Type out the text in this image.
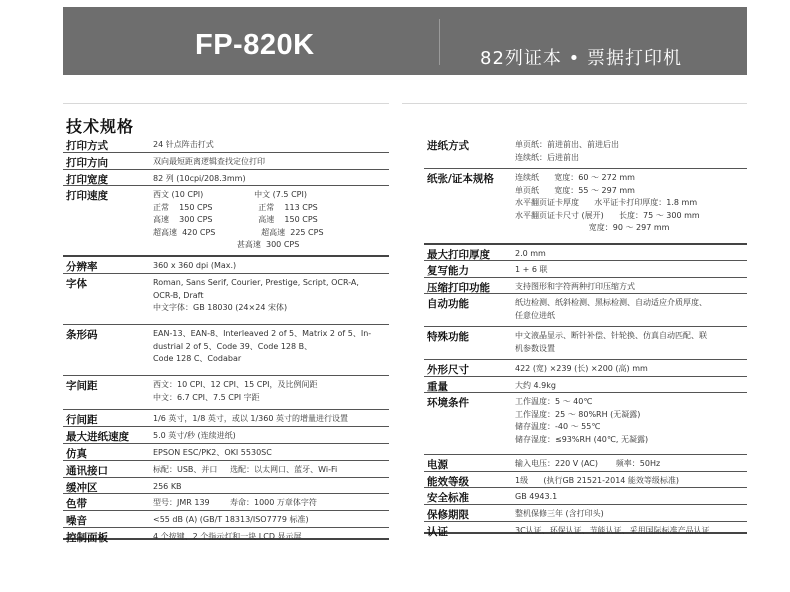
FP-820K	82列证本 • 票据打印机
技术规格
打印方式	24 针点阵击打式
打印方向	双向最短距离逻辑查找定位打印
打印宽度	82 列 (10cpi/208.3mm)
打印速度	西文 (10 CPI)                    中文 (7.5 CPI)
正常    150 CPS                  正常    113 CPS
高速    300 CPS                  高速    150 CPS
超高速  420 CPS                  超高速  225 CPS
甚高速  300 CPS
分辨率	360 x 360 dpi (Max.)
字体	Roman, Sans Serif, Courier, Prestige, Script, OCR-A,
OCR-B, Draft
中文字体：GB 18030 (24×24 宋体)
条形码	EAN-13、EAN-8、Interleaved 2 of 5、Matrix 2 of 5、In-
dustrial 2 of 5、Code 39、Code 128 B、
Code 128 C、Codabar
字间距	西文：10 CPI、12 CPI、15 CPI，及比例间距
中文：6.7 CPI、7.5 CPI 字距
行间距	1/6 英寸，1/8 英寸，或以 1/360 英寸的增量进行设置
最大进纸速度	5.0 英寸/秒 (连续进纸)
仿真	EPSON ESC/PK2、OKI 5530SC
通讯接口	标配：USB、并口     选配：以太网口、蓝牙、Wi-Fi
缓冲区	256 KB
色带	型号：JMR 139        寿命：1000 万章体字符
噪音	<55 dB (A) (GB/T 18313/ISO7779 标准)
控制面板	4 个按键、2 个指示灯和一块 LCD 显示屏
进纸方式	单页纸：前进前出、前进后出
连续纸：后进前出
纸张/证本规格	连续纸      宽度：60 ～ 272 mm
单页纸      宽度：55 ～ 297 mm
水平翻页证卡厚度      水平证卡打印厚度：1.8 mm
水平翻页证卡尺寸 (展开)      长度：75 ～ 300 mm
宽度：90 ～ 297 mm
最大打印厚度	2.0 mm
复写能力	1 + 6 联
压缩打印功能	支持图形和字符两种打印压缩方式
自动功能	纸边检测、纸斜检测、黑标检测、自动适应介质厚度、
任意位进纸
特殊功能	中文液晶显示、断针补偿、针轮换、仿真自动匹配、联
机参数设置
外形尺寸	422 (宽) ×239 (长) ×200 (高) mm
重量	大约 4.9kg
环境条件	工作温度：5 ～ 40℃
工作湿度：25 ～ 80%RH (无凝露)
储存温度：-40 ～ 55℃
储存湿度：≤93%RH (40℃, 无凝露)
电源	输入电压：220 V (AC)       频率：50Hz
能效等级	1级      (执行GB 21521-2014 能效等级标准)
安全标准	GB 4943.1
保修期限	整机保修三年 (含打印头)
认证	3C认证、环保认证、节能认证、采用国际标准产品认证
